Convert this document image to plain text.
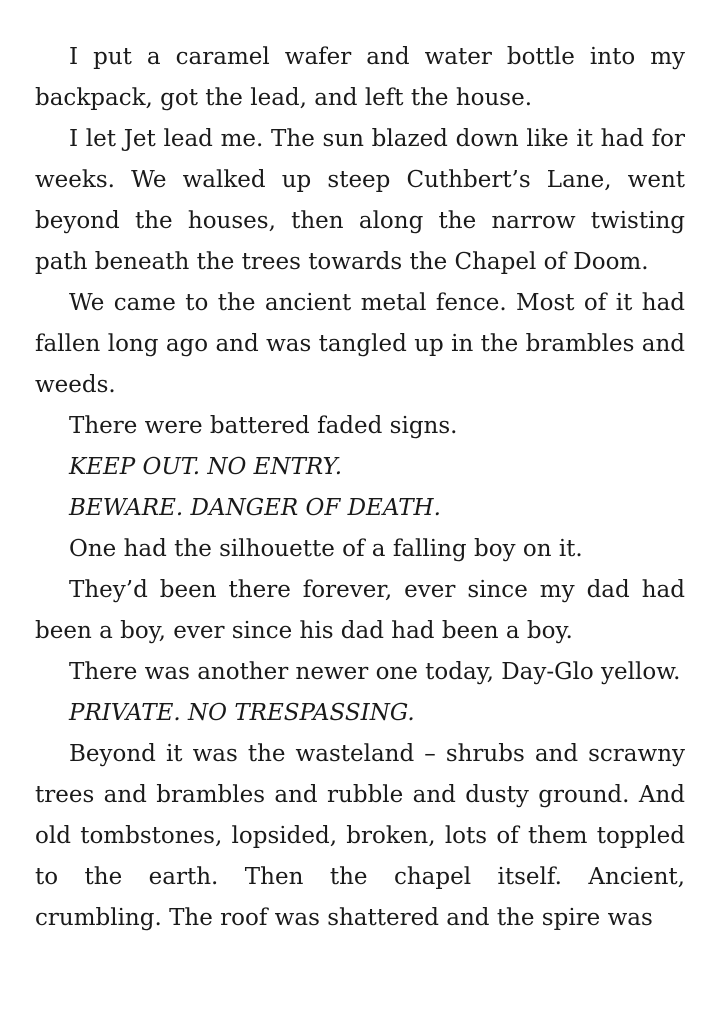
I put a caramel wafer and water bottle into my backpack, got the lead, and left the house.

I let Jet lead me. The sun blazed down like it had for weeks. We walked up steep Cuthbert’s Lane, went beyond the houses, then along the narrow twisting path beneath the trees towards the Chapel of Doom.

We came to the ancient metal fence. Most of it had fallen long ago and was tangled up in the brambles and weeds.

There were battered faded signs.

KEEP OUT. NO ENTRY.

BEWARE. DANGER OF DEATH.

One had the silhouette of a falling boy on it.

They’d been there forever, ever since my dad had been a boy, ever since his dad had been a boy.

There was another newer one today, Day-Glo yellow.

PRIVATE. NO TRESPASSING.

Beyond it was the wasteland – shrubs and scrawny trees and brambles and rubble and dusty ground. And old tombstones, lopsided, broken, lots of them toppled to the earth. Then the chapel itself. Ancient, crumbling. The roof was shattered and the spire was
